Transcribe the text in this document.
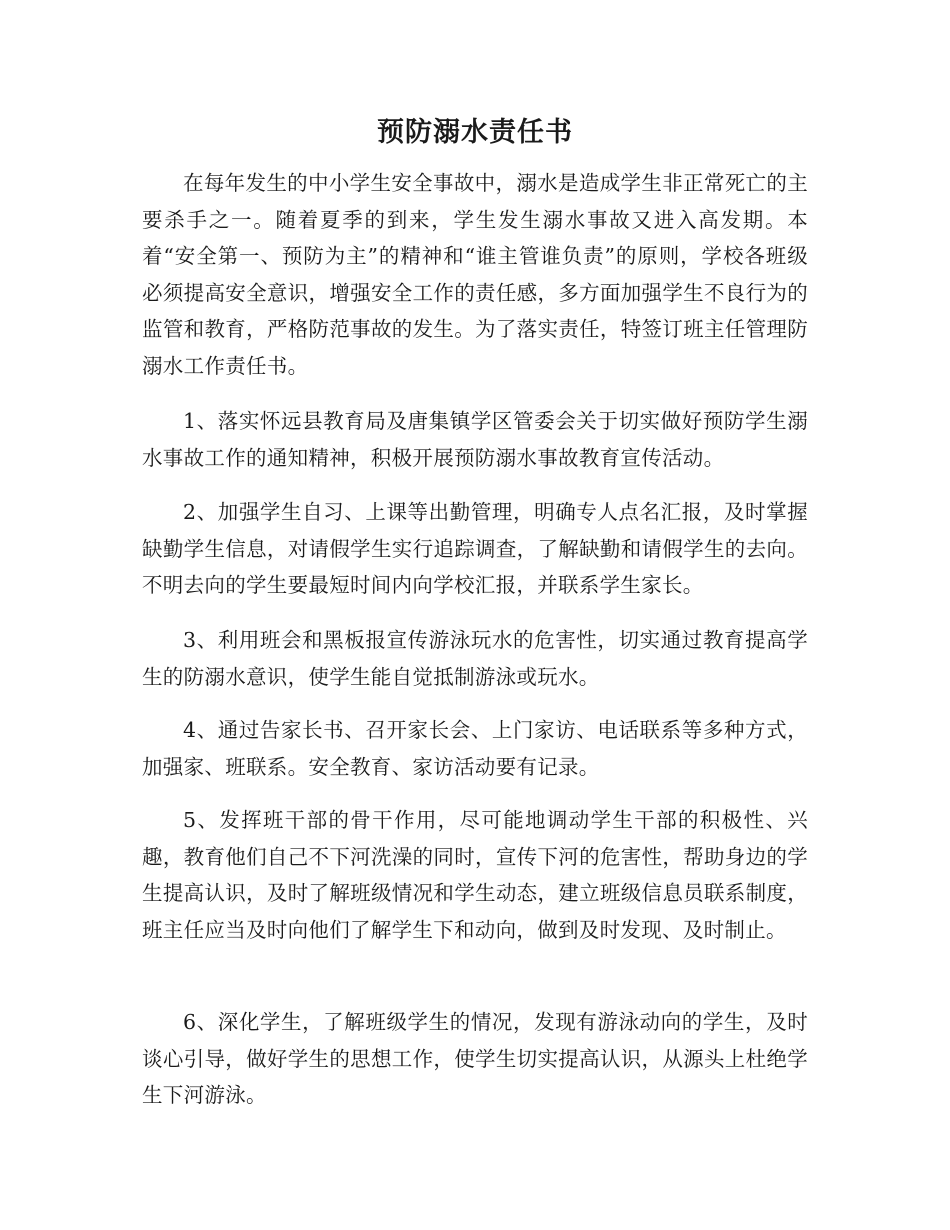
预防溺水责任书

在每年发生的中小学生安全事故中，溺水是造成学生非正常死亡的主要杀手之一。随着夏季的到来，学生发生溺水事故又进入高发期。本着“安全第一、预防为主”的精神和“谁主管谁负责”的原则，学校各班级必须提高安全意识，增强安全工作的责任感，多方面加强学生不良行为的监管和教育，严格防范事故的发生。为了落实责任，特签订班主任管理防溺水工作责任书。

1、落实怀远县教育局及唐集镇学区管委会关于切实做好预防学生溺水事故工作的通知精神，积极开展预防溺水事故教育宣传活动。

2、加强学生自习、上课等出勤管理，明确专人点名汇报，及时掌握缺勤学生信息，对请假学生实行追踪调查，了解缺勤和请假学生的去向。不明去向的学生要最短时间内向学校汇报，并联系学生家长。

3、利用班会和黑板报宣传游泳玩水的危害性，切实通过教育提高学生的防溺水意识，使学生能自觉抵制游泳或玩水。

4、通过告家长书、召开家长会、上门家访、电话联系等多种方式，加强家、班联系。安全教育、家访活动要有记录。

5、发挥班干部的骨干作用，尽可能地调动学生干部的积极性、兴趣，教育他们自己不下河洗澡的同时，宣传下河的危害性，帮助身边的学生提高认识，及时了解班级情况和学生动态，建立班级信息员联系制度，班主任应当及时向他们了解学生下和动向，做到及时发现、及时制止。

6、深化学生，了解班级学生的情况，发现有游泳动向的学生，及时谈心引导，做好学生的思想工作，使学生切实提高认识，从源头上杜绝学生下河游泳。
